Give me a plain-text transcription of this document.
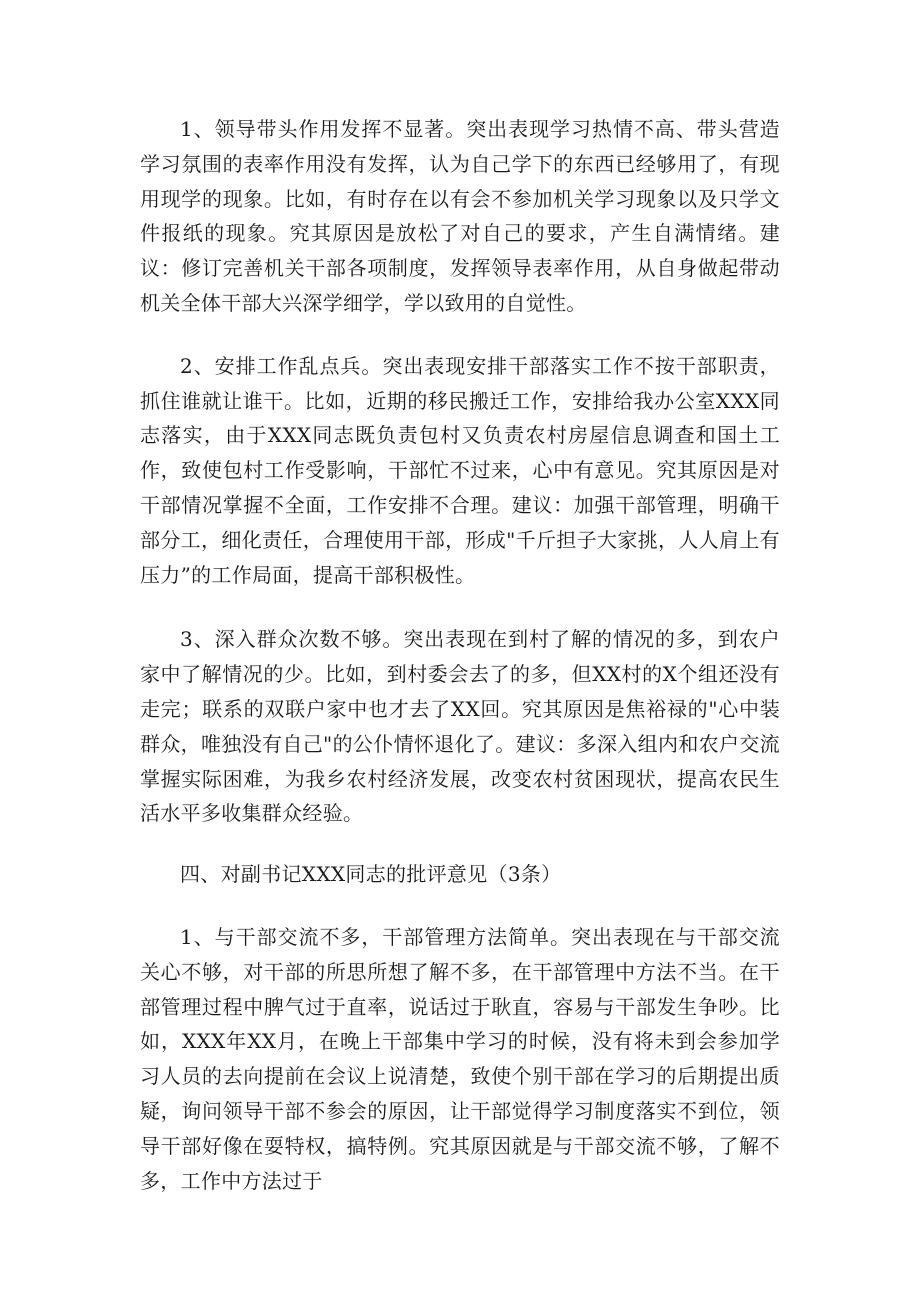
1、领导带头作用发挥不显著。突出表现学习热情不高、带头营造学习氛围的表率作用没有发挥，认为自己学下的东西已经够用了，有现用现学的现象。比如，有时存在以有会不参加机关学习现象以及只学文件报纸的现象。究其原因是放松了对自己的要求，产生自满情绪。建议：修订完善机关干部各项制度，发挥领导表率作用，从自身做起带动机关全体干部大兴深学细学，学以致用的自觉性。

2、安排工作乱点兵。突出表现安排干部落实工作不按干部职责，抓住谁就让谁干。比如，近期的移民搬迁工作，安排给我办公室XXX同志落实，由于XXX同志既负责包村又负责农村房屋信息调查和国土工作，致使包村工作受影响，干部忙不过来，心中有意见。究其原因是对干部情况掌握不全面，工作安排不合理。建议：加强干部管理，明确干部分工，细化责任，合理使用干部，形成"千斤担子大家挑，人人肩上有压力”的工作局面，提高干部积极性。

3、深入群众次数不够。突出表现在到村了解的情况的多，到农户家中了解情况的少。比如，到村委会去了的多，但XX村的X个组还没有走完；联系的双联户家中也才去了XX回。究其原因是焦裕禄的"心中装群众，唯独没有自己"的公仆情怀退化了。建议：多深入组内和农户交流掌握实际困难，为我乡农村经济发展，改变农村贫困现状，提高农民生活水平多收集群众经验。

四、对副书记XXX同志的批评意见（3条）

1、与干部交流不多，干部管理方法简单。突出表现在与干部交流关心不够，对干部的所思所想了解不多，在干部管理中方法不当。在干部管理过程中脾气过于直率，说话过于耿直，容易与干部发生争吵。比如，XXX年XX月，在晚上干部集中学习的时候，没有将未到会参加学习人员的去向提前在会议上说清楚，致使个别干部在学习的后期提出质疑，询问领导干部不参会的原因，让干部觉得学习制度落实不到位，领导干部好像在耍特权，搞特例。究其原因就是与干部交流不够，了解不多，工作中方法过于
